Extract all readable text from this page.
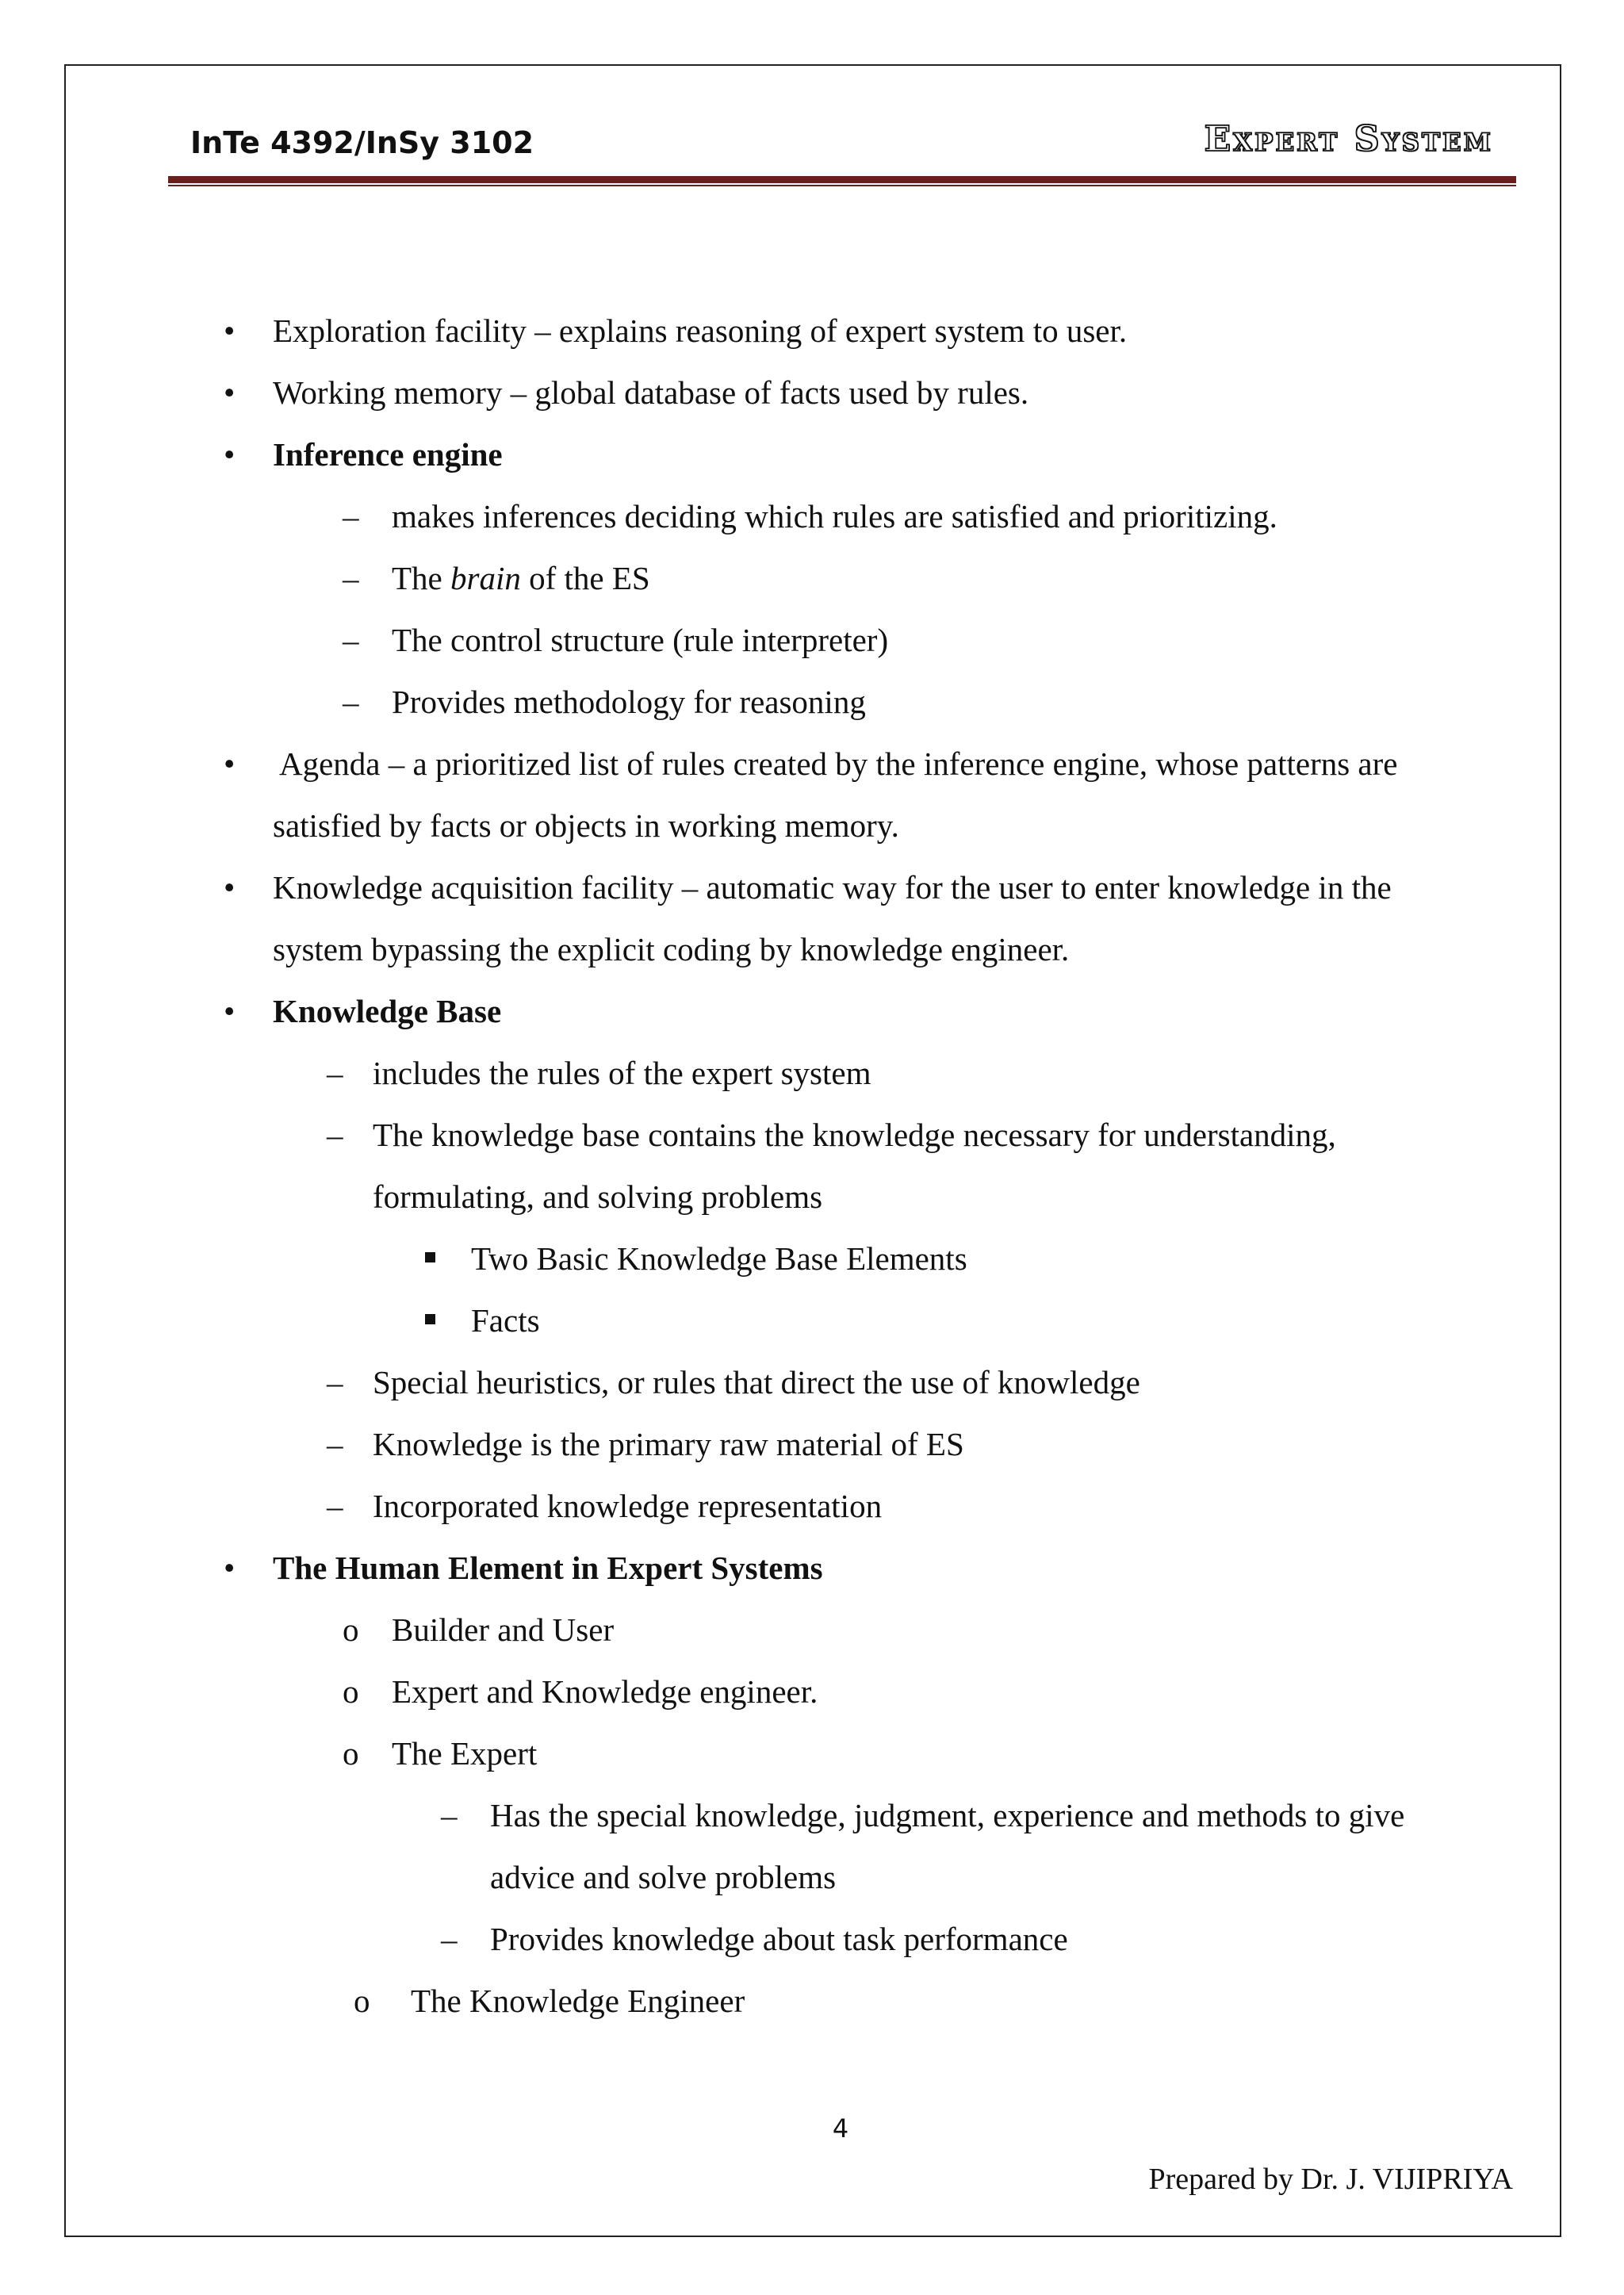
InTe 4392/InSy 3102	Expert System
• Exploration facility – explains reasoning of expert system to user.
• Working memory – global database of facts used by rules.
• Inference engine
– makes inferences deciding which rules are satisfied and prioritizing.
– The brain of the ES
– The control structure (rule interpreter)
– Provides methodology for reasoning
• Agenda – a prioritized list of rules created by the inference engine, whose patterns are
satisfied by facts or objects in working memory.
• Knowledge acquisition facility – automatic way for the user to enter knowledge in the
system bypassing the explicit coding by knowledge engineer.
• Knowledge Base
– includes the rules of the expert system
– The knowledge base contains the knowledge necessary for understanding,
formulating, and solving problems
Two Basic Knowledge Base Elements
Facts
– Special heuristics, or rules that direct the use of knowledge
– Knowledge is the primary raw material of ES
– Incorporated knowledge representation
• The Human Element in Expert Systems
o Builder and User
o Expert and Knowledge engineer.
o The Expert
– Has the special knowledge, judgment, experience and methods to give
advice and solve problems
– Provides knowledge about task performance
o The Knowledge Engineer
4
Prepared by Dr. J. VIJIPRIYA
